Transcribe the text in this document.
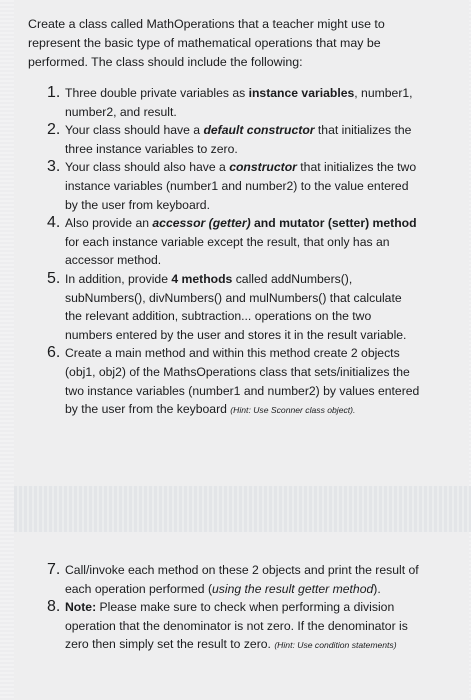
Create a class called MathOperations that a teacher might use to
represent the basic type of mathematical operations that may be
performed. The class should include the following:
1. Three double private variables as instance variables, number1,
number2, and result.
2. Your class should have a default constructor that initializes the
three instance variables to zero.
3. Your class should also have a constructor that initializes the two
instance variables (number1 and number2) to the value entered
by the user from keyboard.
4. Also provide an accessor (getter) and mutator (setter) method
for each instance variable except the result, that only has an
accessor method.
5. In addition, provide 4 methods called addNumbers(),
subNumbers(), divNumbers() and mulNumbers() that calculate
the relevant addition, subtraction... operations on the two
numbers entered by the user and stores it in the result variable.
6. Create a main method and within this method create 2 objects
(obj1, obj2) of the MathsOperations class that sets/initializes the
two instance variables (number1 and number2) by values entered
by the user from the keyboard (Hint: Use Sconner class object).
7. Call/invoke each method on these 2 objects and print the result of
each operation performed (using the result getter method).
8. Note: Please make sure to check when performing a division
operation that the denominator is not zero. If the denominator is
zero then simply set the result to zero. (Hint: Use condition statements)
